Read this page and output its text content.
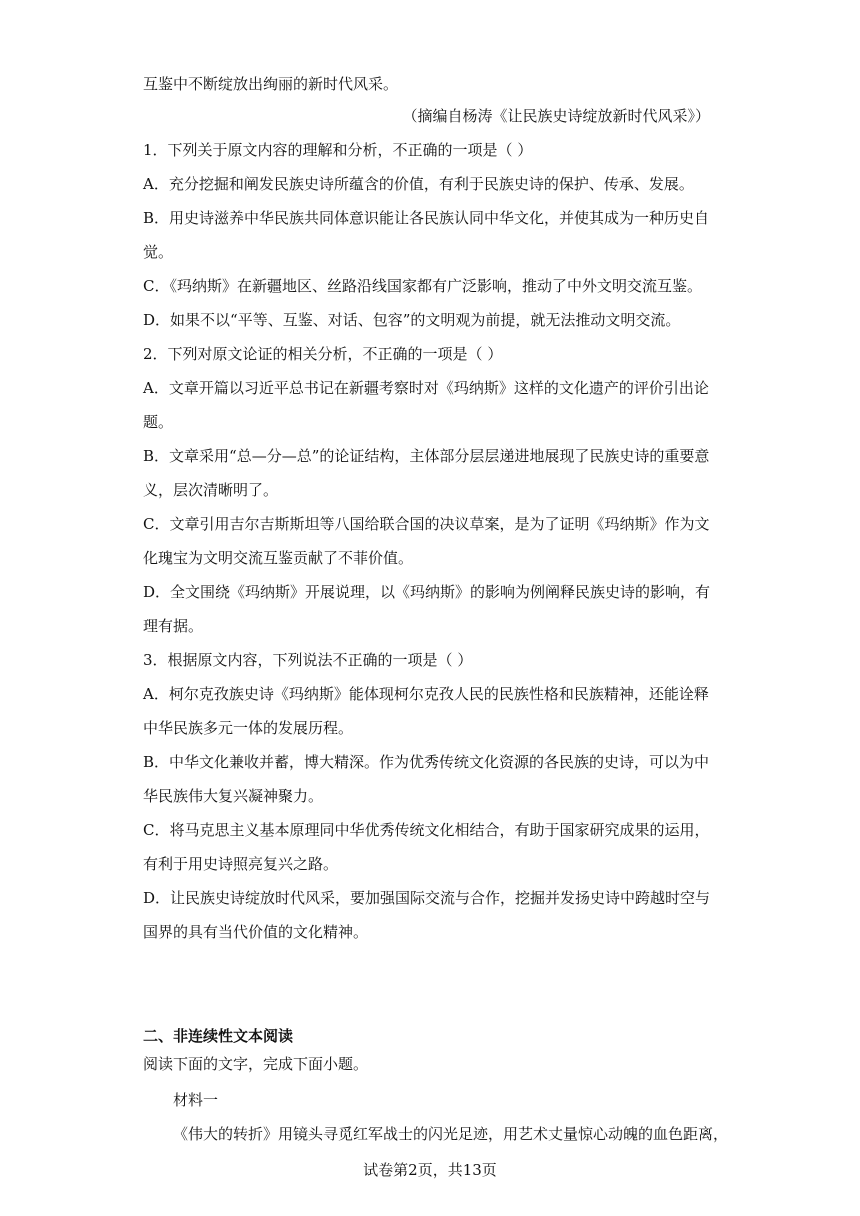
互鉴中不断绽放出绚丽的新时代风采。
（摘编自杨涛《让民族史诗绽放新时代风采》）
1．下列关于原文内容的理解和分析，不正确的一项是（ ）
A．充分挖掘和阐发民族史诗所蕴含的价值，有利于民族史诗的保护、传承、发展。
B．用史诗滋养中华民族共同体意识能让各民族认同中华文化，并使其成为一种历史自
觉。
C．《玛纳斯》在新疆地区、丝路沿线国家都有广泛影响，推动了中外文明交流互鉴。
D．如果不以“平等、互鉴、对话、包容”的文明观为前提，就无法推动文明交流。
2．下列对原文论证的相关分析，不正确的一项是（ ）
A．文章开篇以习近平总书记在新疆考察时对《玛纳斯》这样的文化遗产的评价引出论
题。
B．文章采用“总—分—总”的论证结构，主体部分层层递进地展现了民族史诗的重要意
义，层次清晰明了。
C．文章引用吉尔吉斯斯坦等八国给联合国的决议草案，是为了证明《玛纳斯》作为文
化瑰宝为文明交流互鉴贡献了不菲价值。
D．全文围绕《玛纳斯》开展说理，以《玛纳斯》的影响为例阐释民族史诗的影响，有
理有据。
3．根据原文内容，下列说法不正确的一项是（ ）
A．柯尔克孜族史诗《玛纳斯》能体现柯尔克孜人民的民族性格和民族精神，还能诠释
中华民族多元一体的发展历程。
B．中华文化兼收并蓄，博大精深。作为优秀传统文化资源的各民族的史诗，可以为中
华民族伟大复兴凝神聚力。
C．将马克思主义基本原理同中华优秀传统文化相结合，有助于国家研究成果的运用，
有利于用史诗照亮复兴之路。
D．让民族史诗绽放时代风采，要加强国际交流与合作，挖掘并发扬史诗中跨越时空与
国界的具有当代价值的文化精神。
二、非连续性文本阅读
阅读下面的文字，完成下面小题。
材料一
《伟大的转折》用镜头寻觅红军战士的闪光足迹，用艺术丈量惊心动魄的血色距离，
试卷第2页，共13页
